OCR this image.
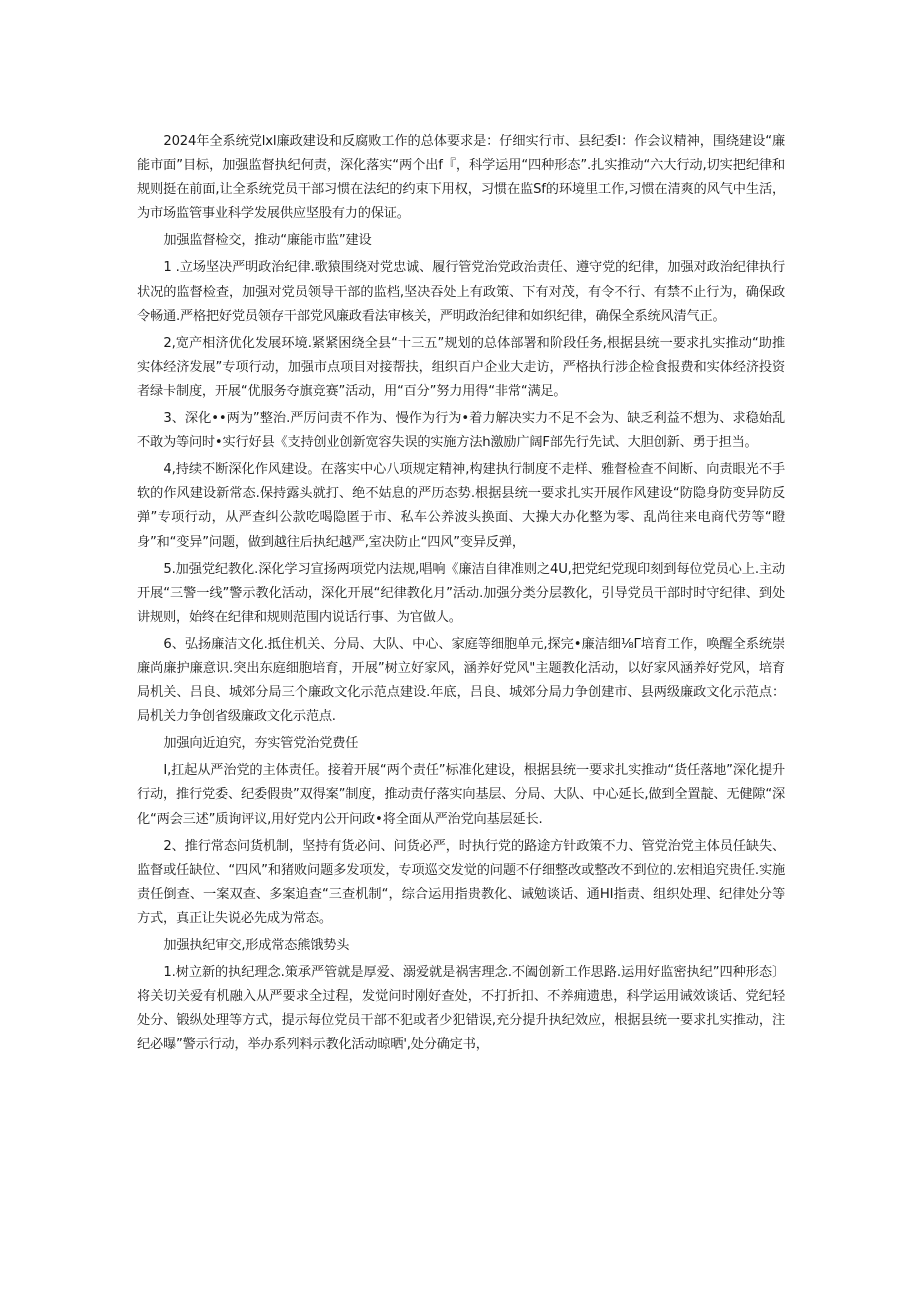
2024年全系统党lxl廉政建设和反腐败工作的总体要求是：仔细实行市、县纪委I：作会议精神，围绕建设“廉能市面”目标，加强监督执纪何责，深化落实“两个出f『，科学运用“四种形态”.扎实推动“六大行动,切实把纪律和规则挺在前面,让全系统党员干部习惯在法纪的约束下用权，习惯在监Sf的环境里工作,习惯在清爽的风气中生活，为市场监管事业科学发展供应坚股有力的保证。

加强监督检交，推动“廉能市监”建设

1 .立场坚决严明政治纪律.歌猿围绕对党忠诚、履行管党治党政治责任、遵守党的纪律，加强对政治纪律执行状况的监督检查，加强对党员领导干部的监档,坚决吞处上有政策、下有对茂，有令不行、有禁不止行为，确保政令畅通.严格把好党员领存干部党风廉政看法审核关，严明政治纪律和如织纪律，确保全系统风清气正。

2,宽产相济优化发展环境.紧紧困绕全县“十三五”规划的总体部署和阶段任务,根据县统一要求扎实推动“助推实体经济发展”专项行动，加强市点项目对接帮扶，组织百户企业大走访，严格执行涉企检食报费和实体经济投资者绿卡制度，开展“优服务夺旗竞赛”活动，用“百分”努力用得“非常“满足。

3、深化••两为”整治.严厉问责不作为、慢作为行为•着力解决实力不足不会为、缺乏利益不想为、求稳始乱不敢为等问时•实行好县《支持创业创新宽容失误的实施方法h激励广阔F部先行先试、大胆创新、勇于担当。

4,持续不断深化作风建设。在落实中心八项规定精神,构建执行制度不走样、雅督检查不间断、向责眼光不手软的作风建设新常态.保持露头就打、绝不姑息的严历态势.根据县统一要求扎实开展作风建设“防隐身防变异防反弹”专项行动，从严查纠公款吃喝隐匿于市、私车公养波头换面、大操大办化整为零、乱尚往来电商代劳等“瞪身”和“变异”问题，做到越往后执纪越严,室决防止“四风”变异反弹，

5.加强党纪教化.深化学习宣扬两项党内法规,唱响《廉洁自律准则之4U,把党纪党现印刻到每位党员心上.主动开展“三警一线”警示教化活动，深化开展“纪律教化月”活动.加强分类分层教化，引导党员干部时时守纪律、到处讲规则，始终在纪律和规则范围内说话行事、为官做人。

6、弘扬廉洁文化.抵住机关、分局、大队、中心、家庭等细胞单元,探完•廉洁细⅛Γ培育工作，唤醒全系统崇廉尚廉护廉意识.突出东庭细胞培育，开展”树立好家风，涵养好党风"主题教化活动，以好家风涵养好党风，培育局机关、吕良、城郊分局三个廉政文化示范点建设.年底，吕良、城郊分局力争创建市、县两级廉政文化示范点：局机关力争创省级廉政文化示范点.

加强向近迫究，夯实管党治党费任

I,扛起从严治党的主体责任。接着开展“两个责任”标准化建设，根据县统一要求扎实推动“货任落地”深化提升行动，推行党委、纪委假贵”双得案”制度，推动责仔落实向基层、分局、大队、中心延长,做到全置靛、无健隙“深化“两会三述”质询评议,用好党内公开问政•将全面从严治党向基层延长.

2、推行常态问货机制，坚持有货必问、问货必严，时执行党的路途方针政策不力、管党治党主体员任缺失、监督或任缺位、“四风”和猪败问题多发项发，专项巡交发觉的问题不仔细整改或整改不到位的.宏相追究贵任.实施责任倒查、一案双查、多案追查“三查机制“，综合运用指贵教化、诫勉谈话、通HI指责、组织处理、纪律处分等方式，真正让失说必先成为常态。

加强执纪审交,形成常态熊饿势头

1.树立新的执纪理念.策承严管就是厚爱、溺爱就是祸害理念.不阖创新工作思路.运用好监密执纪”四种形态〕将关切关爱有机融入从严要求全过程，发觉问时刚好查处，不打折扣、不养痈遗患，科学运用诫效谈话、党纪轻处分、锻纵处理等方式，提示每位党员干部不犯或者少犯错误,充分提升执纪效应，根据县统一要求扎实推动，注纪必曝”警示行动，举办系列料示教化活动晾晒',处分确定书，
